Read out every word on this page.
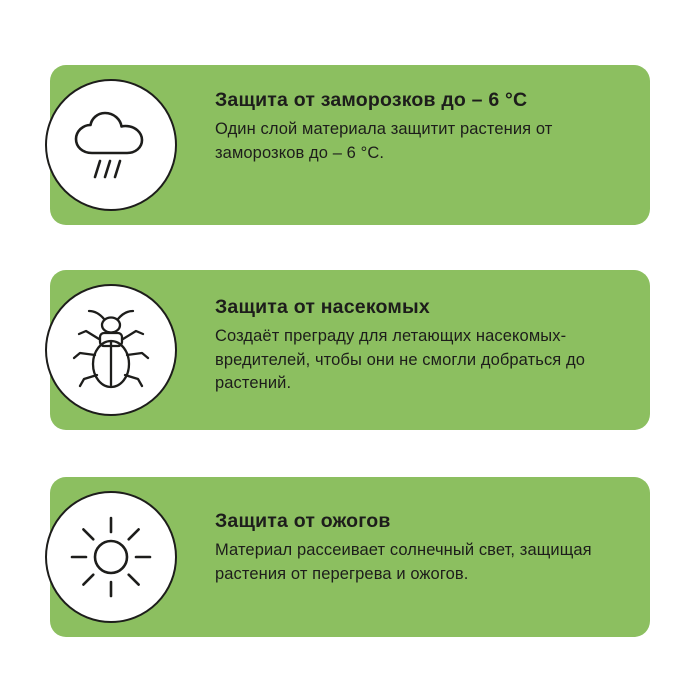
Защита от заморозков до – 6 °C

Один слой материала защитит растения от заморозков до – 6 °C.

Защита от насекомых

Создаёт преграду для летающих насекомых-вредителей, чтобы они не смогли добраться до растений.

Защита от ожогов

Материал рассеивает солнечный свет, защищая растения от перегрева и ожогов.
